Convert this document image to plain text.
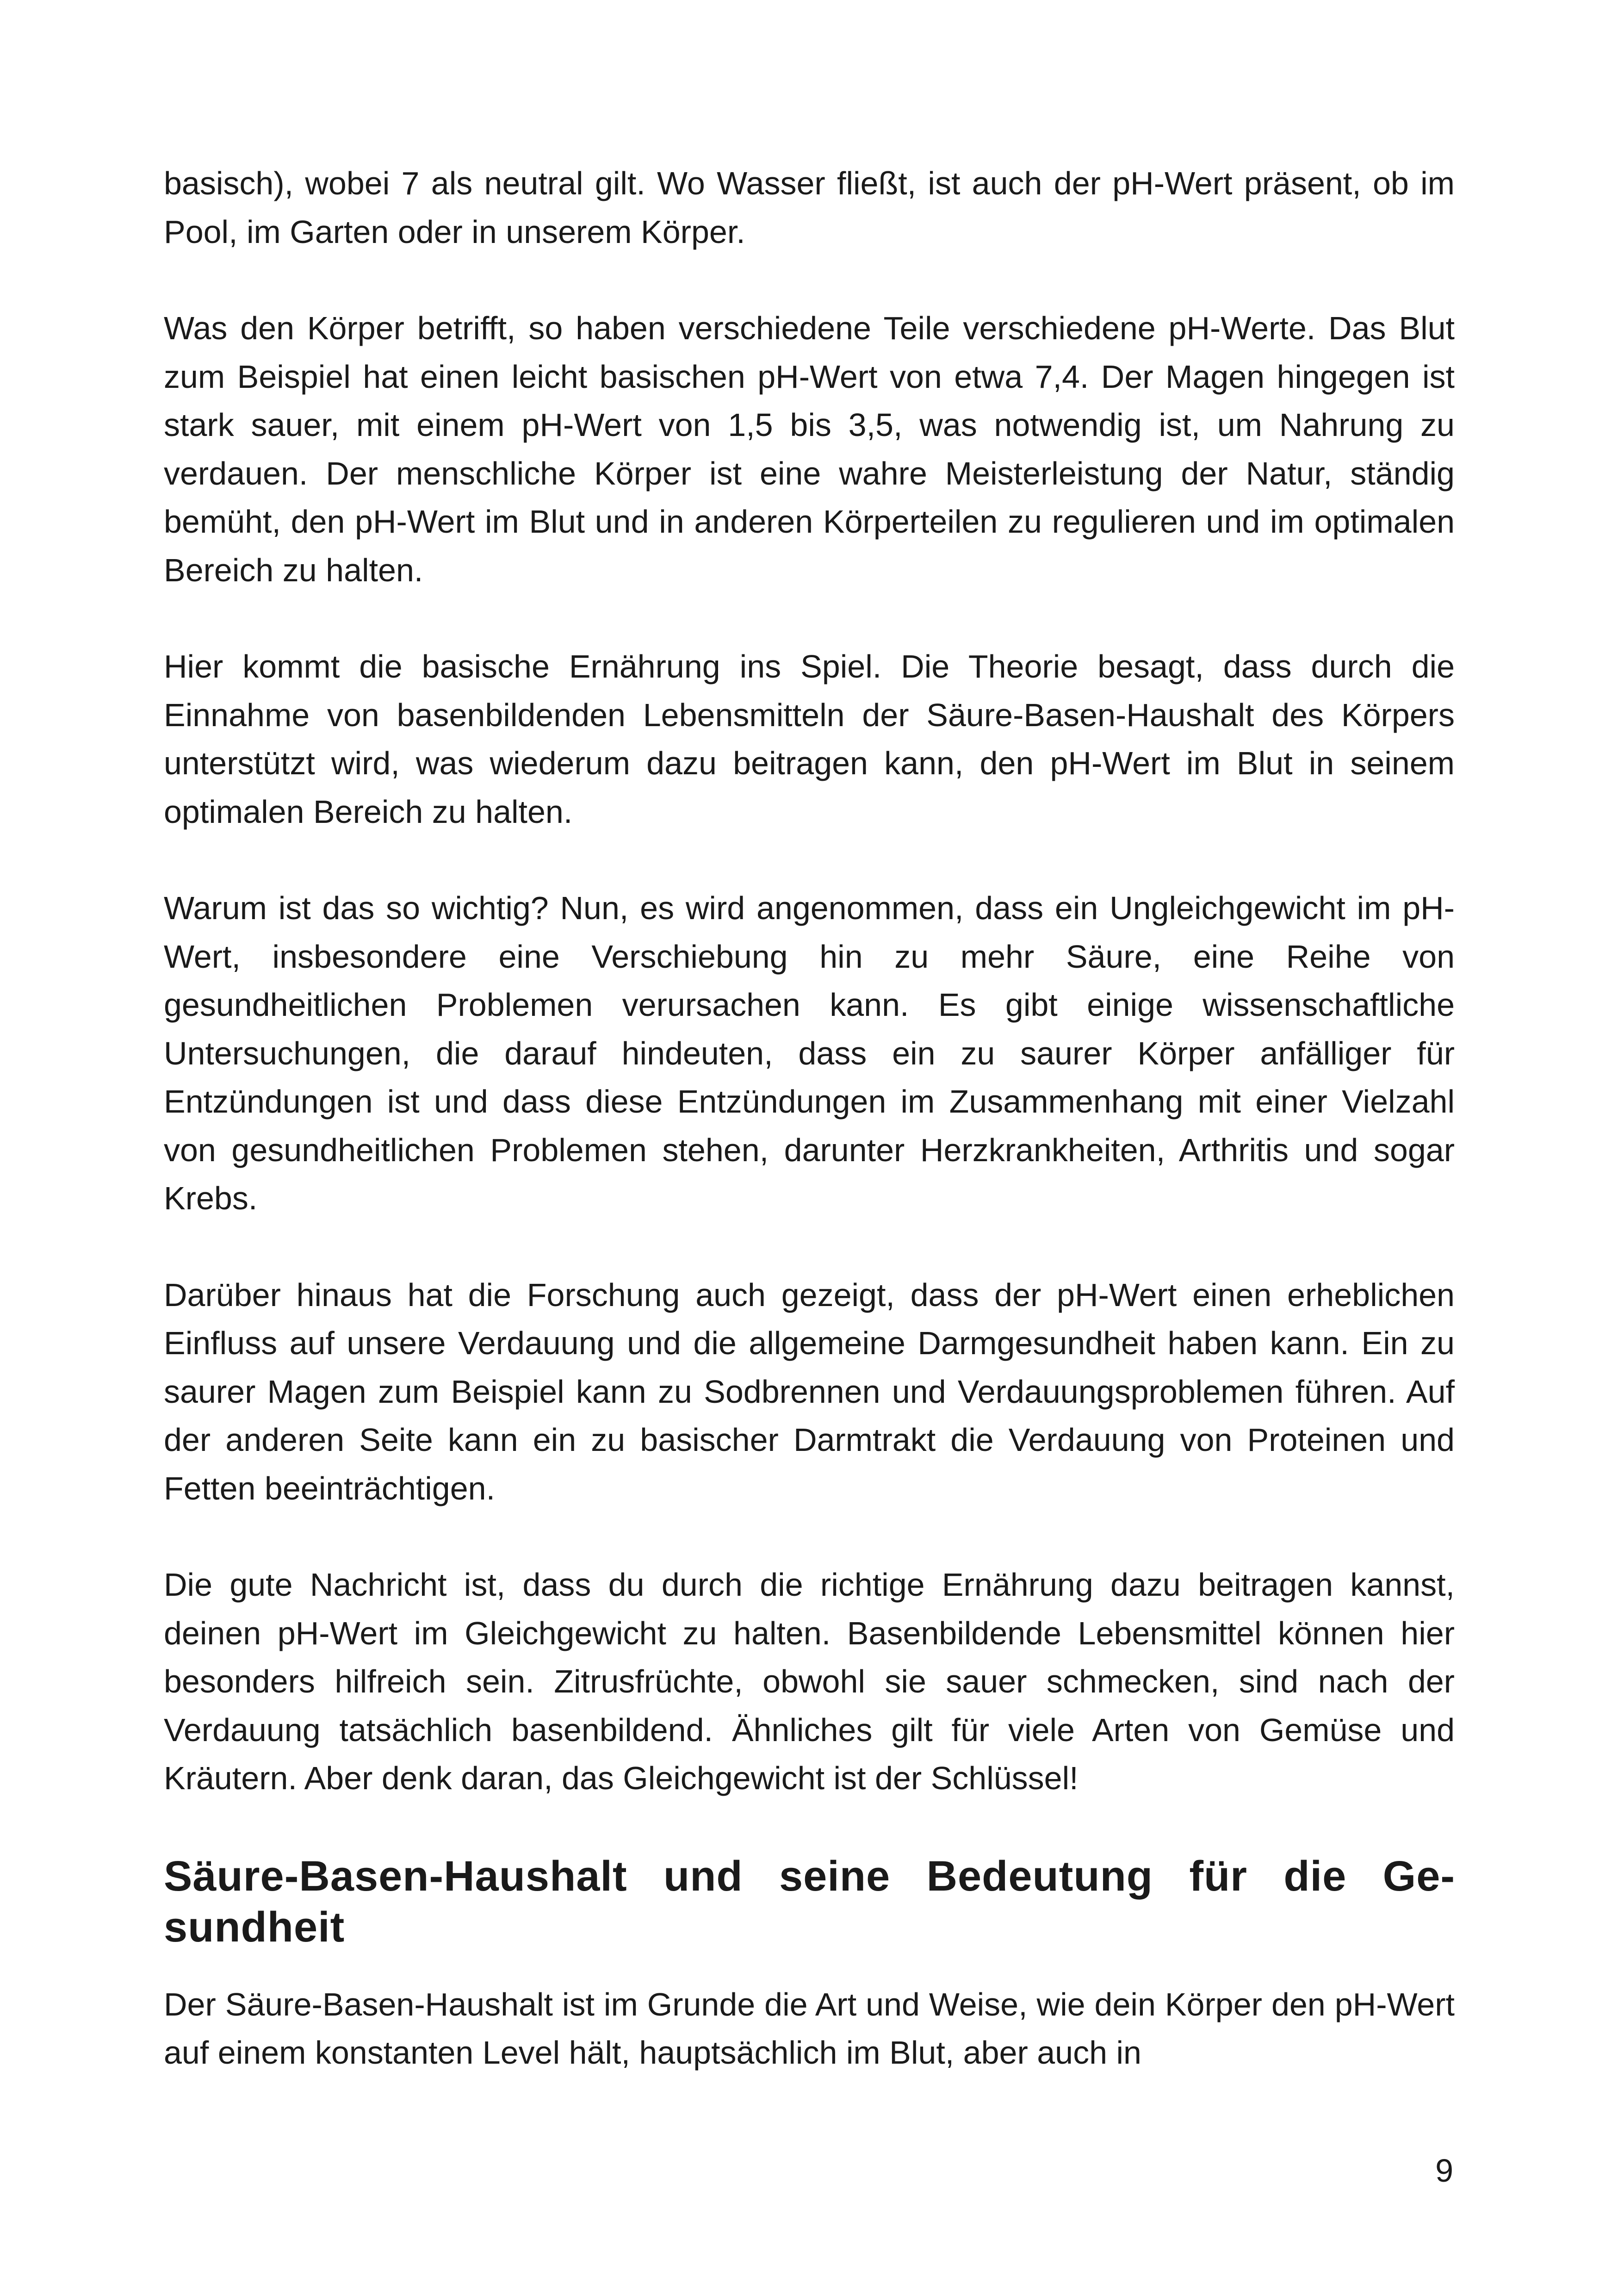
basisch), wobei 7 als neutral gilt. Wo Wasser fließt, ist auch der pH-Wert präsent, ob im Pool, im Garten oder in unserem Körper.

Was den Körper betrifft, so haben verschiedene Teile verschiedene pH-Werte. Das Blut zum Beispiel hat einen leicht basischen pH-Wert von etwa 7,4. Der Magen hingegen ist stark sauer, mit einem pH-Wert von 1,5 bis 3,5, was notwendig ist, um Nahrung zu verdauen. Der menschliche Körper ist eine wahre Meisterleistung der Natur, ständig bemüht, den pH-Wert im Blut und in anderen Körperteilen zu regulieren und im optimalen Bereich zu halten.

Hier kommt die basische Ernährung ins Spiel. Die Theorie besagt, dass durch die Einnahme von basenbildenden Lebensmitteln der Säure-Basen-Haushalt des Körpers unterstützt wird, was wiederum dazu beitragen kann, den pH-Wert im Blut in seinem optimalen Bereich zu halten.

Warum ist das so wichtig? Nun, es wird angenommen, dass ein Ungleichgewicht im pH-Wert, insbesondere eine Verschiebung hin zu mehr Säure, eine Reihe von gesundheitlichen Problemen verursachen kann. Es gibt einige wissenschaftliche Untersuchungen, die darauf hindeuten, dass ein zu saurer Körper anfälliger für Entzündungen ist und dass diese Entzündungen im Zusammenhang mit einer Vielzahl von gesundheitlichen Problemen stehen, darunter Herzkrankheiten, Arthritis und sogar Krebs.

Darüber hinaus hat die Forschung auch gezeigt, dass der pH-Wert einen erheblichen Einfluss auf unsere Verdauung und die allgemeine Darmgesundheit haben kann. Ein zu saurer Magen zum Beispiel kann zu Sodbrennen und Verdauungsproblemen führen. Auf der anderen Seite kann ein zu basischer Darmtrakt die Verdauung von Proteinen und Fetten beeinträchtigen.

Die gute Nachricht ist, dass du durch die richtige Ernährung dazu beitragen kannst, deinen pH-Wert im Gleichgewicht zu halten. Basenbildende Lebensmittel können hier besonders hilfreich sein. Zitrusfrüchte, obwohl sie sauer schmecken, sind nach der Verdauung tatsächlich basenbildend. Ähnliches gilt für viele Arten von Gemüse und Kräutern. Aber denk daran, das Gleichgewicht ist der Schlüssel!

Säure-Basen-Haushalt und seine Bedeutung für die Gesundheit

Der Säure-Basen-Haushalt ist im Grunde die Art und Weise, wie dein Körper den pH-Wert auf einem konstanten Level hält, hauptsächlich im Blut, aber auch in

9
